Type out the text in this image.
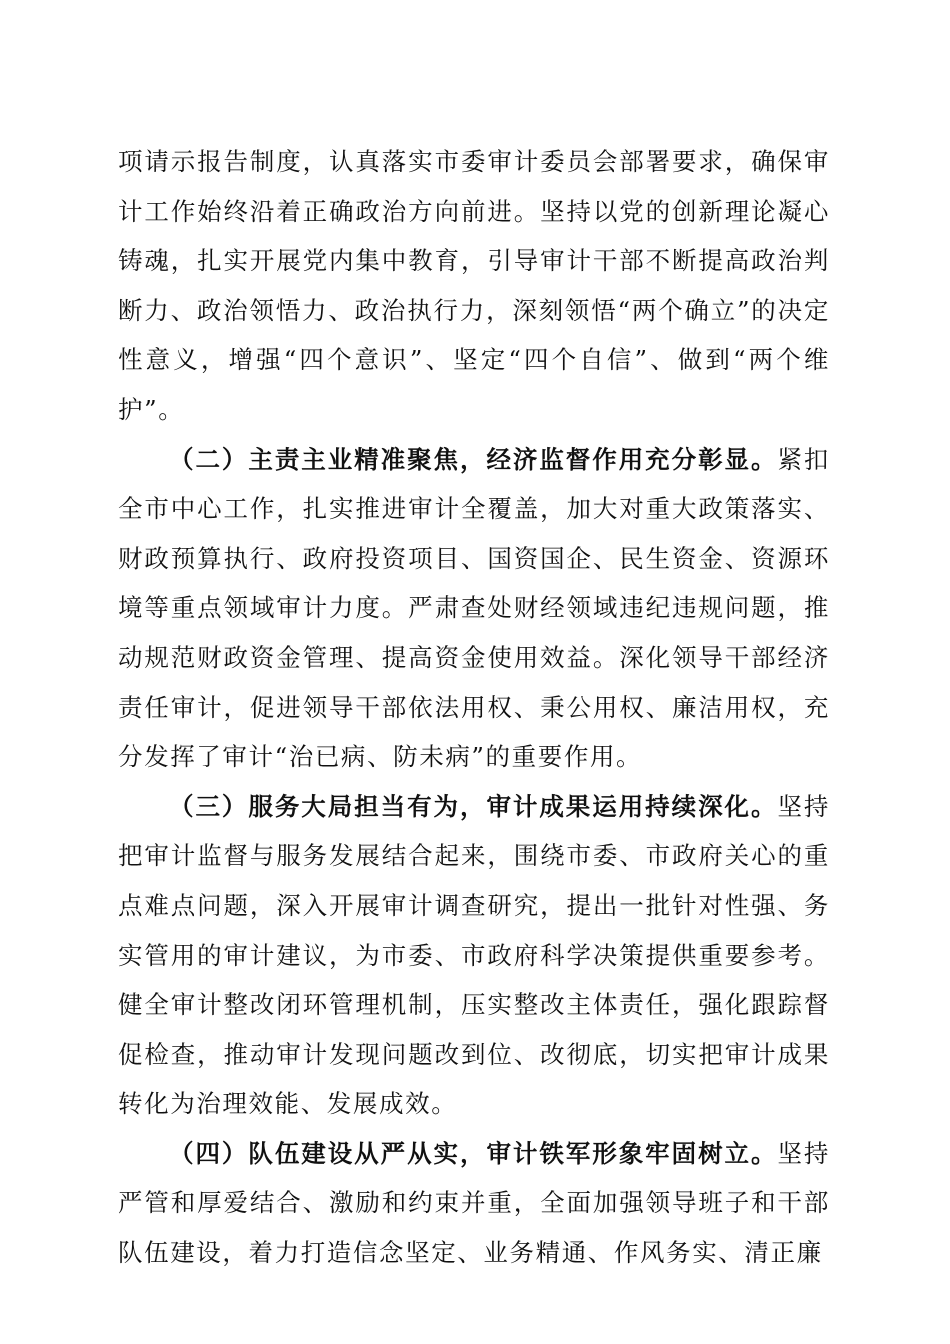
项请示报告制度，认真落实市委审计委员会部署要求，确保审计工作始终沿着正确政治方向前进。坚持以党的创新理论凝心铸魂，扎实开展党内集中教育，引导审计干部不断提高政治判断力、政治领悟力、政治执行力，深刻领悟“两个确立”的决定性意义，增强“四个意识”、坚定“四个自信”、做到“两个维护”。

（二）主责主业精准聚焦，经济监督作用充分彰显。紧扣全市中心工作，扎实推进审计全覆盖，加大对重大政策落实、财政预算执行、政府投资项目、国资国企、民生资金、资源环境等重点领域审计力度。严肃查处财经领域违纪违规问题，推动规范财政资金管理、提高资金使用效益。深化领导干部经济责任审计，促进领导干部依法用权、秉公用权、廉洁用权，充分发挥了审计“治已病、防未病”的重要作用。

（三）服务大局担当有为，审计成果运用持续深化。坚持把审计监督与服务发展结合起来，围绕市委、市政府关心的重点难点问题，深入开展审计调查研究，提出一批针对性强、务实管用的审计建议，为市委、市政府科学决策提供重要参考。健全审计整改闭环管理机制，压实整改主体责任，强化跟踪督促检查，推动审计发现问题改到位、改彻底，切实把审计成果转化为治理效能、发展成效。

（四）队伍建设从严从实，审计铁军形象牢固树立。坚持严管和厚爱结合、激励和约束并重，全面加强领导班子和干部队伍建设，着力打造信念坚定、业务精通、作风务实、清正廉
